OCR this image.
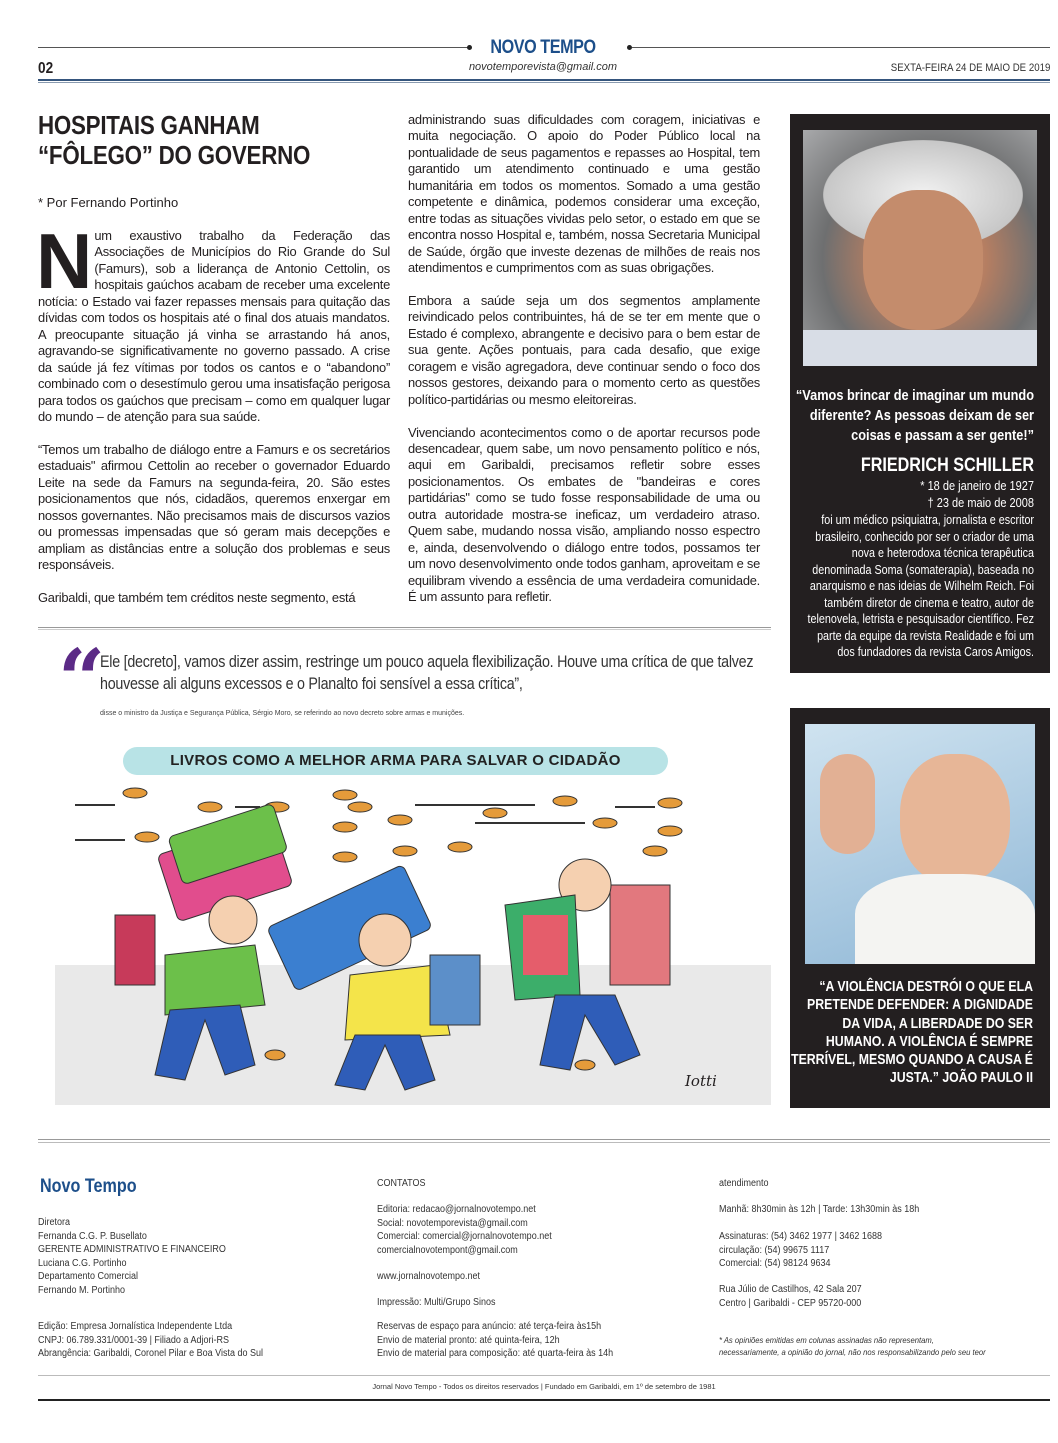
NOVO TEMPO
02	novotemporevista@gmail.com	SEXTA-FEIRA 24 DE MAIO DE 2019
HOSPITAIS GANHAM
“FÔLEGO” DO GOVERNO
* Por Fernando Portinho

Num exaustivo trabalho da Federação das Associações de Municípios do Rio Grande do Sul (Famurs), sob a liderança de Antonio Cettolin, os hospitais gaúchos acabam de receber uma excelente notícia: o Estado vai fazer repasses mensais para quitação das dívidas com todos os hospitais até o final dos atuais mandatos. A preocupante situação já vinha se arrastando há anos, agravando-se significativamente no governo passado. A crise da saúde já fez vítimas por todos os cantos e o “abandono” combinado com o desestímulo gerou uma insatisfação perigosa para todos os gaúchos que precisam – como em qualquer lugar do mundo – de atenção para sua saúde.

“Temos um trabalho de diálogo entre a Famurs e os secretários estaduais" afirmou Cettolin ao receber o governador Eduardo Leite na sede da Famurs na segunda-feira, 20. São estes posicionamentos que nós, cidadãos, queremos enxergar em nossos governantes. Não precisamos mais de discursos vazios ou promessas impensadas que só geram mais decepções e ampliam as distâncias entre a solução dos problemas e seus responsáveis.

Garibaldi, que também tem créditos neste segmento, está

administrando suas dificuldades com coragem, iniciativas e muita negociação. O apoio do Poder Público local na pontualidade de seus pagamentos e repasses ao Hospital, tem garantido um atendimento continuado e uma gestão humanitária em todos os momentos. Somado a uma gestão competente e dinâmica, podemos considerar uma exceção, entre todas as situações vividas pelo setor, o estado em que se encontra nosso Hospital e, também, nossa Secretaria Municipal de Saúde, órgão que investe dezenas de milhões de reais nos atendimentos e cumprimentos com as suas obrigações.

Embora a saúde seja um dos segmentos amplamente reivindicado pelos contribuintes, há de se ter em mente que o Estado é complexo, abrangente e decisivo para o bem estar de sua gente. Ações pontuais, para cada desafio, que exige coragem e visão agregadora, deve continuar sendo o foco dos nossos gestores, deixando para o momento certo as questões político-partidárias ou mesmo eleitoreiras.

Vivenciando acontecimentos como o de aportar recursos pode desencadear, quem sabe, um novo pensamento político e nós, aqui em Garibaldi, precisamos refletir sobre esses posicionamentos. Os embates de "bandeiras e cores partidárias" como se tudo fosse responsabilidade de uma ou outra autoridade mostra-se ineficaz, um verdadeiro atraso. Quem sabe, mudando nossa visão, ampliando nosso espectro e, ainda, desenvolvendo o diálogo entre todos, possamos ter um novo desenvolvimento onde todos ganham, aproveitam e se equilibram vivendo a essência de uma verdadeira comunidade. É um assunto para refletir.

“Vamos brincar de imaginar um mundo diferente? As pessoas deixam de ser coisas e passam a ser gente!”
FRIEDRICH SCHILLER
* 18 de janeiro de 1927
† 23 de maio de 2008
foi um médico psiquiatra, jornalista e escritor brasileiro, conhecido por ser o criador de uma nova e heterodoxa técnica terapêutica denominada Soma (somaterapia), baseada no anarquismo e nas ideias de Wilhelm Reich. Foi também diretor de cinema e teatro, autor de telenovela, letrista e pesquisador científico. Fez parte da equipe da revista Realidade e foi um dos fundadores da revista Caros Amigos.
“ Ele [decreto], vamos dizer assim, restringe um pouco aquela flexibilização. Houve uma crítica de que talvez houvesse ali alguns excessos e o Planalto foi sensível a essa crítica”,
disse o ministro da Justiça e Segurança Pública, Sérgio Moro, se referindo ao novo decreto sobre armas e munições.
LIVROS COMO A MELHOR ARMA PARA SALVAR O CIDADÃO
Iotti
“A VIOLÊNCIA DESTRÓI O QUE ELA PRETENDE DEFENDER: A DIGNIDADE DA VIDA, A LIBERDADE DO SER HUMANO. A VIOLÊNCIA É SEMPRE TERRÍVEL, MESMO QUANDO A CAUSA É JUSTA.” JOÃO PAULO II
Novo Tempo
Diretora
Fernanda C.G. P. Busellato
GERENTE ADMINISTRATIVO E FINANCEIRO
Luciana C.G. Portinho
Departamento Comercial
Fernando M. Portinho
Edição: Empresa Jornalística Independente Ltda
CNPJ: 06.789.331/0001-39 | Filiado a Adjori-RS
Abrangência: Garibaldi, Coronel Pilar e Boa Vista do Sul
CONTATOS
Editoria: redacao@jornalnovotempo.net
Social: novotemporevista@gmail.com
Comercial: comercial@jornalnovotempo.net
comercialnovotempont@gmail.com
www.jornalnovotempo.net
Impressão: Multi/Grupo Sinos
Reservas de espaço para anúncio: até terça-feira às15h
Envio de material pronto: até quinta-feira, 12h
Envio de material para composição: até quarta-feira às 14h
atendimento
Manhã: 8h30min às 12h | Tarde: 13h30min às 18h
Assinaturas: (54) 3462 1977 | 3462 1688
circulação: (54) 99675 1117
Comercial: (54) 98124 9634
Rua Júlio de Castilhos, 42 Sala 207
Centro | Garibaldi - CEP 95720-000
* As opiniões emitidas em colunas assinadas não representam,
necessariamente, a opinião do jornal, não nos responsabilizando pelo seu teor
Jornal Novo Tempo - Todos os direitos reservados | Fundado em Garibaldi, em 1º de setembro de 1981
